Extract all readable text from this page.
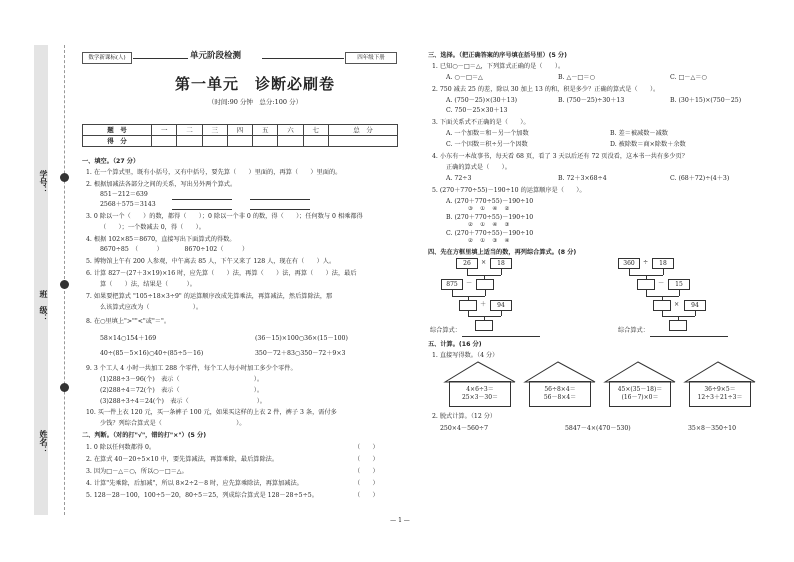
学号：
班　级：
姓名：
数学新课标(人)	单元阶段检测	四年级下册
第一单元　诊断必刷卷
（时间:90 分钟　总分:100 分）
题　号	一	二	三	四	五	六	七	总　分
得　分								
一、填空。（27 分）
1. 在一个算式里，既有小括号，又有中括号，要先算（　　）里面的，再算（　　）里面的。
2. 根据加减法各部分之间的关系，写出另外两个算式。
851－212＝639
2568＋575＝3143
3. 0 除以一个（　　）的数，都得（　　）；0 除以一个非 0 的数，得（　　）；任何数与 0 相乘都得
（　　）；一个数减去 0，得（　　）。
4. 根据 102×85＝8670，直接写出下面算式的得数。
8670÷85　（　　　）　　　　8670÷102（　　　）
5. 博物馆上午有 200 人参观，中午离去 85 人，下午又来了 128 人，现在有（　　）人。
6. 计算 827－(27＋3×19)×16 时，应先算（　　）法，再算（　　）法，再算（　　）法，最后
算（　　）法，结果是（　　　）。
7. 如果要把算式 "105÷18×3÷9" 的运算顺序改成先算乘法，再算减法，然后算除法，那
么该算式应改为（　　　　　　　）。
8. 在○里填上">""<"或"＝"。
58×14○154＋169	(36－15)×100○36×(15－100)
40÷(85－5×16)○40÷(85÷5－16)	350－72＋83○350－72＋9×3
9. 3 个工人 4 小时一共加工 288 个零件，每个工人每小时加工多少个零件。
(1)288÷3－96(个)　表示（　　　　　　　　　　　　）。
(2)288÷4＝72(个)　表示（　　　　　　　　　　　　）。
(3)288÷3÷4＝24(个)　表示（　　　　　　　　　　　）。
10. 买一件上衣 120 元，买一条裤子 100 元，如果买这样的上衣 2 件，裤子 3 条，需付多
少钱？列综合算式是（　　　　　　　　　　　　）。
二、判断。（对的打"√"，错的打"×"）(5 分)
1. 0 除以任何数都得 0。	（　　）
2. 在算式 40－20÷5×10 中，要先算减法，再算乘除，最后算除法。	（　　）
3. 因为□－△＝○，所以○－□＝△。	（　　）
4. 计算"先乘除，后加减"，所以 8×2÷2－8 时，应先算乘除法，再算加减法。	（　　）
5. 128－28－100，100÷5－20，80÷5＝25，列成综合算式是 128－28÷5÷5。	（　　）
三、选择。（把正确答案的序号填在括号里）(5 分)
1. 已知○－□＝△，下列算式正确的是（　　）。
A. ○－□＝△	B. △－□＝○	C. □－△＝○
2. 750 减去 25 的差，除以 30 加上 13 的和，积是多少？正确的算式是（　　）。
A. (750－25)×(30＋13)	B. (750－25)÷30＋13	B. (30＋15)×(750－25)
C. 750－25×30＋13
3. 下面关系式不正确的是（　　）。
A. 一个加数＝和－另一个加数	B. 差＝被减数－减数
C. 一个因数＝积÷另一个因数	D. 被除数＝商×除数＋余数
4. 小东有一本故事书，每天看 68 页，看了 3 天以后还有 72 页没看，这本书一共有多少页？
正确的算式是（　　）。
A. 72÷3	B. 72＋3×68÷4	C. (68＋72)÷(4＋3)
5. (270＋770÷55)－190÷10 的运算顺序是（　　）。
A. (270＋770÷55)－190÷10
③　 ①　 ④　 ②
B. (270＋770÷55)－190÷10
②　 ①　 ④　 ③
C. (270＋770÷55)－190÷10
②　 ①　 ③　 ④
四、先在方框里填上适当的数，再列综合算式。(8 分)
26	×	18
875	－
＋	94
综合算式：
360	÷	18
－	15
×	94
综合算式：
五、计算。(16 分)
1. 直接写得数。（4 分）
4×6÷3＝
25×3－30＝
56÷8×4＝
56－8×4＝
45×(35－18)＝
(16－7)×0＝
36÷9×5＝
12÷3＋21÷3＝
2. 脱式计算。（12 分）
250×4－560÷7	5847－4×(470－530)	35×8－350÷10
— 1 —
